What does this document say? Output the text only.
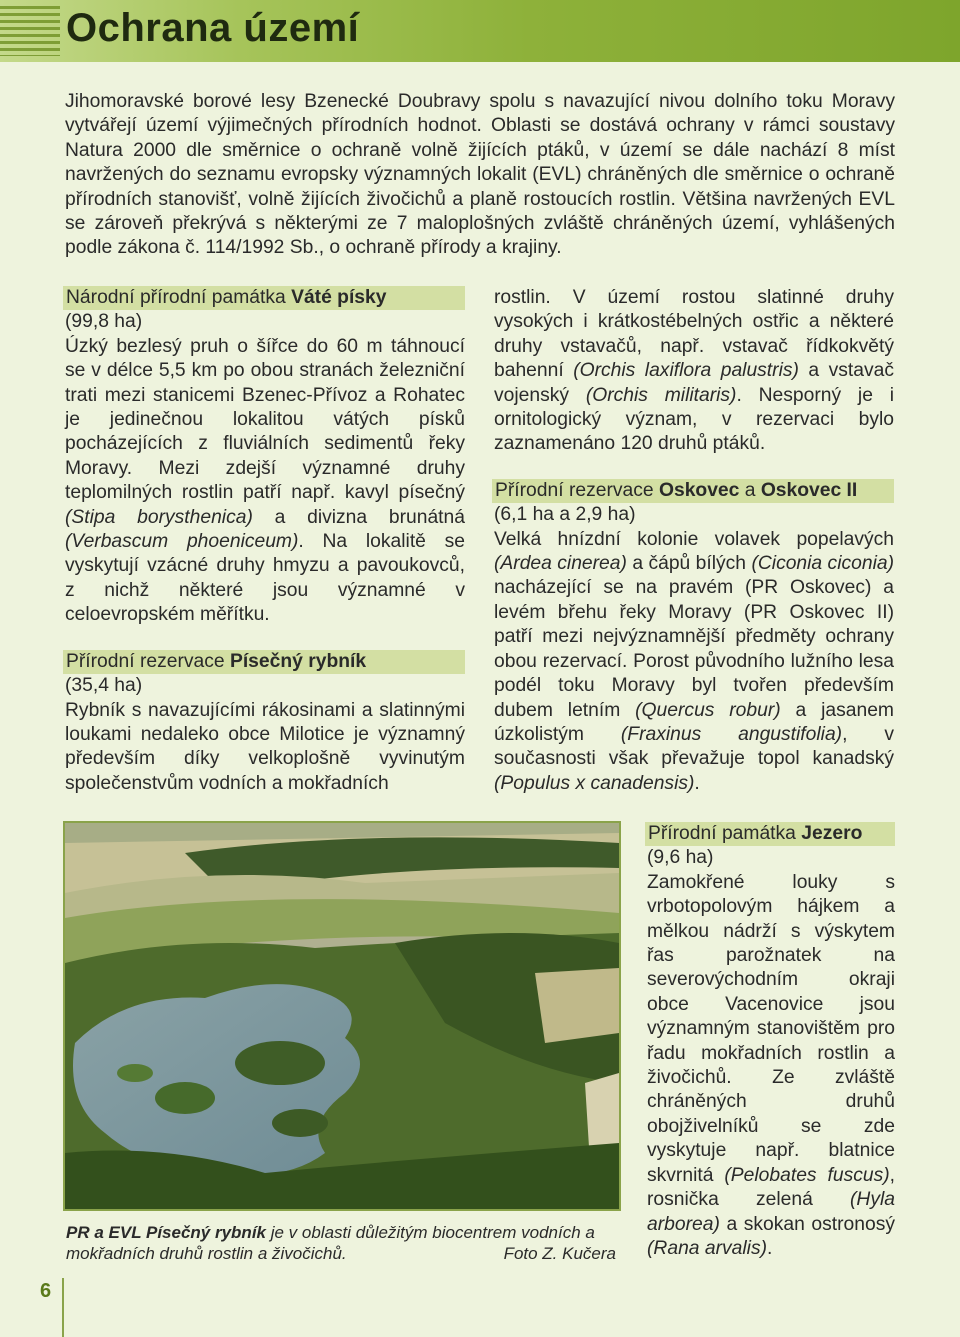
Ochrana území

Jihomoravské borové lesy Bzenecké Doubravy spolu s navazující nivou dolního toku Moravy vytvářejí území výjimečných přírodních hodnot. Oblasti se dostává ochrany v rámci soustavy Natura 2000 dle směrnice o ochraně volně žijících ptáků, v území se dále nachází 8 míst navržených do seznamu evropsky významných lokalit (EVL) chráněných dle směrnice o ochraně přírodních stanovišť, volně žijících živočichů a planě rostoucích rostlin. Většina navržených EVL se zároveň překrývá s některými ze 7 maloplošných zvláště chráněných území, vyhlášených podle zákona č. 114/1992 Sb., o ochraně přírody a krajiny.

Národní přírodní památka Váté písky

(99,8 ha)

Úzký bezlesý pruh o šířce do 60 m táhnoucí se v délce 5,5 km po obou stranách železniční trati mezi stanicemi Bzenec-Přívoz a Rohatec je jedinečnou lokalitou vátých písků pocházejících z fluviálních sedimentů řeky Moravy. Mezi zdejší významné druhy teplomilných rostlin patří např. kavyl písečný (Stipa borysthenica) a divizna brunátná (Verbascum phoeniceum). Na lokalitě se vyskytují vzácné druhy hmyzu a pavoukovců, z nichž některé jsou významné v celoevropském měřítku.

Přírodní rezervace Písečný rybník

(35,4 ha)

Rybník s navazujícími rákosinami a slatinnými loukami nedaleko obce Milotice je významný především díky velkoplošně vyvinutým společenstvům vodních a mokřadních

rostlin. V území rostou slatinné druhy vysokých i krátkostébelných ostřic a některé druhy vstavačů, např. vstavač řídkokvětý bahenní (Orchis laxiflora palustris) a vstavač vojenský (Orchis militaris). Nesporný je i ornitologický význam, v rezervaci bylo zaznamenáno 120 druhů ptáků.

Přírodní rezervace Oskovec a Oskovec II

(6,1 ha a 2,9 ha)

Velká hnízdní kolonie volavek popelavých (Ardea cinerea) a čápů bílých (Ciconia ciconia) nacházející se na pravém (PR Oskovec) a levém břehu řeky Moravy (PR Oskovec II) patří mezi nejvýznamnější předměty ochrany obou rezervací. Porost původního lužního lesa podél toku Moravy byl tvořen především dubem letním (Quercus robur) a jasanem úzkolistým (Fraxinus angustifolia), v současnosti však převažuje topol kanadský (Populus x canadensis).

Přírodní památka Jezero

(9,6 ha)

Zamokřené louky s vrbotopolovým hájkem a mělkou nádrží s výskytem řas parožnatek na severovýchodním okraji obce Vacenovice jsou významným stanovištěm pro řadu mokřadních rostlin a živočichů. Ze zvláště chráněných druhů obojživelníků se zde vyskytuje např. blatnice skvrnitá (Pelobates fuscus), rosnička zelená (Hyla arborea) a skokan ostronosý (Rana arvalis).

PR a EVL Písečný rybník je v oblasti důležitým biocentrem vodních a mokřadních druhů rostlin a živočichů.	Foto Z. Kučera
6
